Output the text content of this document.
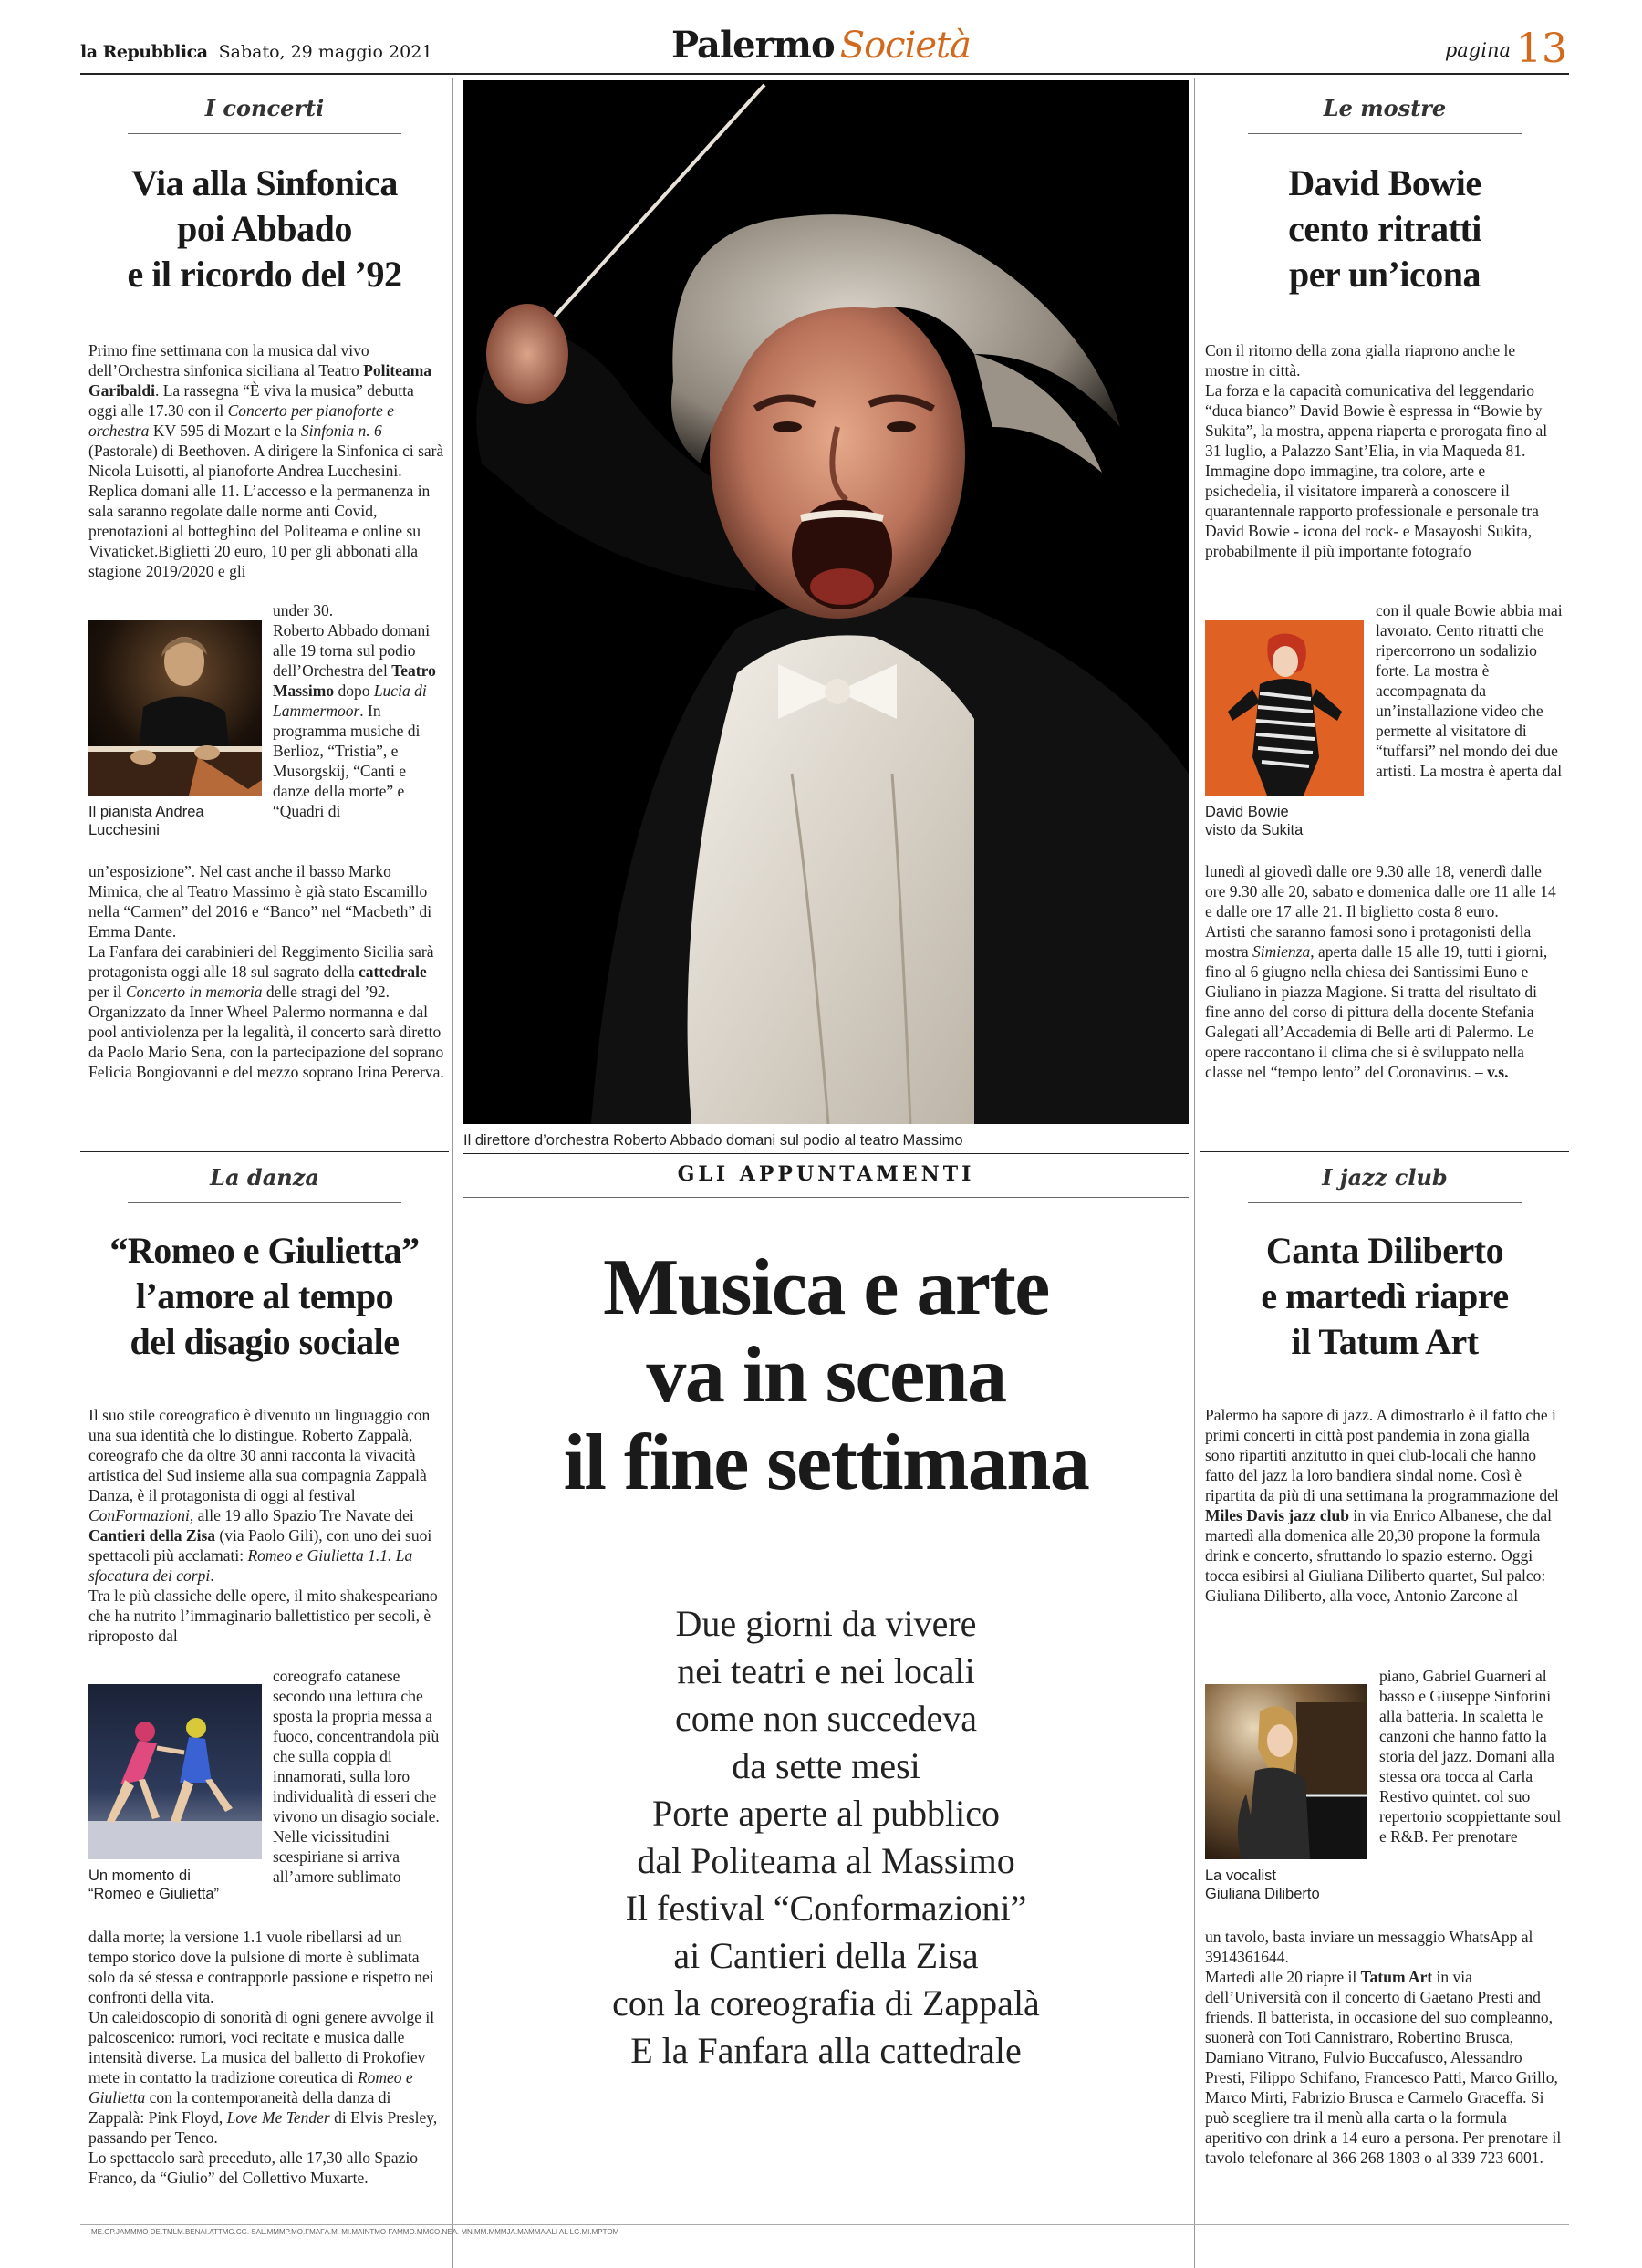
la Repubblica Sabato, 29 maggio 2021	Palermo Società	pagina 13
I concerti
Via alla Sinfonica
poi Abbado
e il ricordo del ’92

Primo fine settimana con la musica dal vivo dell’Orchestra sinfonica siciliana al Teatro Politeama Garibaldi. La rassegna “È viva la musica” debutta oggi alle 17.30 con il Concerto per pianoforte e orchestra KV 595 di Mozart e la Sinfonia n. 6 (Pastorale) di Beethoven. A dirigere la Sinfonica ci sarà Nicola Luisotti, al pianoforte Andrea Lucchesini. Replica domani alle 11. L’accesso e la permanenza in sala saranno regolate dalle norme anti Covid, prenotazioni al botteghino del Politeama e online su Vivaticket.Biglietti 20 euro, 10 per gli abbonati alla stagione 2019/2020 e gli

Il pianista Andrea
Lucchesini

under 30.
Roberto Abbado domani alle 19 torna sul podio dell’Orchestra del Teatro Massimo dopo Lucia di Lammermoor. In programma musiche di Berlioz, “Tristia”, e Musorgskij, “Canti e danze della morte” e “Quadri di

un’esposizione”. Nel cast anche il basso Marko Mimica, che al Teatro Massimo è già stato Escamillo nella “Carmen” del 2016 e “Banco” nel “Macbeth” di Emma Dante.
La Fanfara dei carabinieri del Reggimento Sicilia sarà protagonista oggi alle 18 sul sagrato della cattedrale per il Concerto in memoria delle stragi del ’92. Organizzato da Inner Wheel Palermo normanna e dal pool antiviolenza per la legalità, il concerto sarà diretto da Paolo Mario Sena, con la partecipazione del soprano Felicia Bongiovanni e del mezzo soprano Irina Pererva.

La danza
“Romeo e Giulietta”
l’amore al tempo
del disagio sociale

Il suo stile coreografico è divenuto un linguaggio con una sua identità che lo distingue. Roberto Zappalà, coreografo che da oltre 30 anni racconta la vivacità artistica del Sud insieme alla sua compagnia Zappalà Danza, è il protagonista di oggi al festival ConFormazioni, alle 19 allo Spazio Tre Navate dei Cantieri della Zisa (via Paolo Gili), con uno dei suoi spettacoli più acclamati: Romeo e Giulietta 1.1. La sfocatura dei corpi.
Tra le più classiche delle opere, il mito shakespeariano che ha nutrito l’immaginario ballettistico per secoli, è riproposto dal

Un momento di
“Romeo e Giulietta”

coreografo catanese secondo una lettura che sposta la propria messa a fuoco, concentrandola più che sulla coppia di innamorati, sulla loro individualità di esseri che vivono un disagio sociale. Nelle vicissitudini scespiriane si arriva all’amore sublimato

dalla morte; la versione 1.1 vuole ribellarsi ad un tempo storico dove la pulsione di morte è sublimata solo da sé stessa e contrapporle passione e rispetto nei confronti della vita.
Un caleidoscopio di sonorità di ogni genere avvolge il palcoscenico: rumori, voci recitate e musica dalle intensità diverse. La musica del balletto di Prokofiev mete in contatto la tradizione coreutica di Romeo e Giulietta con la contemporaneità della danza di Zappalà: Pink Floyd, Love Me Tender di Elvis Presley, passando per Tenco.
Lo spettacolo sarà preceduto, alle 17,30 allo Spazio Franco, da “Giulio” del Collettivo Muxarte.

Il direttore d’orchestra Roberto Abbado domani sul podio al teatro Massimo
GLI APPUNTAMENTI
Musica e arte
va in scena
il fine settimana
Due giorni da vivere
nei teatri e nei locali
come non succedeva
da sette mesi
Porte aperte al pubblico
dal Politeama al Massimo
Il festival “Conformazioni”
ai Cantieri della Zisa
con la coreografia di Zappalà
E la Fanfara alla cattedrale
Le mostre
David Bowie
cento ritratti
per un’icona

Con il ritorno della zona gialla riaprono anche le mostre in città.
La forza e la capacità comunicativa del leggendario “duca bianco” David Bowie è espressa in “Bowie by Sukita”, la mostra, appena riaperta e prorogata fino al 31 luglio, a Palazzo Sant’Elia, in via Maqueda 81. Immagine dopo immagine, tra colore, arte e psichedelia, il visitatore imparerà a conoscere il quarantennale rapporto professionale e personale tra David Bowie - icona del rock- e Masayoshi Sukita, probabilmente il più importante fotografo

David Bowie
visto da Sukita

con il quale Bowie abbia mai lavorato. Cento ritratti che ripercorrono un sodalizio forte. La mostra è accompagnata da un’installazione video che permette al visitatore di “tuffarsi” nel mondo dei due artisti. La mostra è aperta dal

lunedì al giovedì dalle ore 9.30 alle 18, venerdì dalle ore 9.30 alle 20, sabato e domenica dalle ore 11 alle 14 e dalle ore 17 alle 21. Il biglietto costa 8 euro.
Artisti che saranno famosi sono i protagonisti della mostra Simienza, aperta dalle 15 alle 19, tutti i giorni, fino al 6 giugno nella chiesa dei Santissimi Euno e Giuliano in piazza Magione. Si tratta del risultato di fine anno del corso di pittura della docente Stefania Galegati all’Accademia di Belle arti di Palermo. Le opere raccontano il clima che si è sviluppato nella classe nel “tempo lento” del Coronavirus. – v.s.

I jazz club
Canta Diliberto
e martedì riapre
il Tatum Art

Palermo ha sapore di jazz. A dimostrarlo è il fatto che i primi concerti in città post pandemia in zona gialla sono ripartiti anzitutto in quei club-locali che hanno fatto del jazz la loro bandiera sindal nome. Così è ripartita da più di una settimana la programmazione del Miles Davis jazz club in via Enrico Albanese, che dal martedì alla domenica alle 20,30 propone la formula drink e concerto, sfruttando lo spazio esterno. Oggi tocca esibirsi al Giuliana Diliberto quartet, Sul palco: Giuliana Diliberto, alla voce, Antonio Zarcone al

La vocalist
Giuliana Diliberto

piano, Gabriel Guarneri al basso e Giuseppe Sinforini alla batteria. In scaletta le canzoni che hanno fatto la storia del jazz. Domani alla stessa ora tocca al Carla Restivo quintet. col suo repertorio scoppiettante soul e R&B. Per prenotare

un tavolo, basta inviare un messaggio WhatsApp al 3914361644.
Martedì alle 20 riapre il Tatum Art in via dell’Università con il concerto di Gaetano Presti and friends. Il batterista, in occasione del suo compleanno, suonerà con Toti Cannistraro, Robertino Brusca, Damiano Vitrano, Fulvio Buccafusco, Alessandro Presti, Filippo Schifano, Francesco Patti, Marco Grillo, Marco Mirti, Fabrizio Brusca e Carmelo Graceffa. Si può scegliere tra il menù alla carta o la formula aperitivo con drink a 14 euro a persona. Per prenotare il tavolo telefonare al 366 268 1803 o al 339 723 6001.

ME.GP.JAMMMO DE.TMLM.BENAI.ATTMG.CG. SAL.MMMP.MO.FMAFA.M. MI.MAINTMO FAMMO.MMCO.NEA. MN.MM.MMMJA.MAMMA ALI AL LG.MI.MPTOM
